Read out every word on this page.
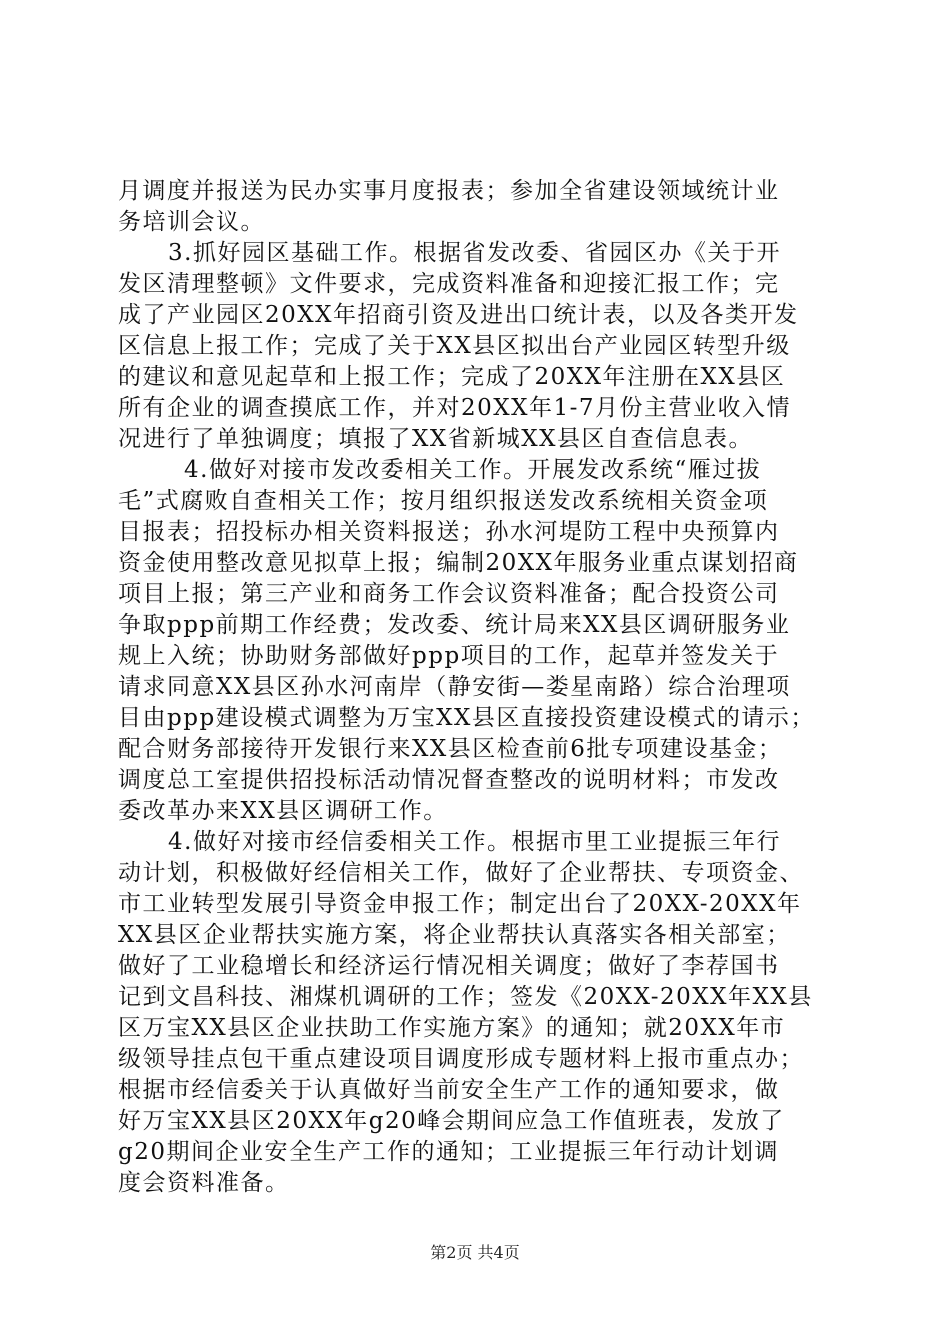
月调度并报送为民办实事月度报表；参加全省建设领域统计业
务培训会议。
3.抓好园区基础工作。根据省发改委、省园区办《关于开
发区清理整顿》文件要求，完成资料准备和迎接汇报工作；完
成了产业园区20XX年招商引资及进出口统计表，以及各类开发
区信息上报工作；完成了关于XX县区拟出台产业园区转型升级
的建议和意见起草和上报工作；完成了20XX年注册在XX县区
所有企业的调查摸底工作，并对20XX年1-7月份主营业收入情
况进行了单独调度；填报了XX省新城XX县区自查信息表。
4.做好对接市发改委相关工作。开展发改系统“雁过拔
毛”式腐败自查相关工作；按月组织报送发改系统相关资金项
目报表；招投标办相关资料报送；孙水河堤防工程中央预算内
资金使用整改意见拟草上报；编制20XX年服务业重点谋划招商
项目上报；第三产业和商务工作会议资料准备；配合投资公司
争取ppp前期工作经费；发改委、统计局来XX县区调研服务业
规上入统；协助财务部做好ppp项目的工作，起草并签发关于
请求同意XX县区孙水河南岸（静安街—娄星南路）综合治理项
目由ppp建设模式调整为万宝XX县区直接投资建设模式的请示；
配合财务部接待开发银行来XX县区检查前6批专项建设基金；
调度总工室提供招投标活动情况督查整改的说明材料；市发改
委改革办来XX县区调研工作。
4.做好对接市经信委相关工作。根据市里工业提振三年行
动计划，积极做好经信相关工作，做好了企业帮扶、专项资金、
市工业转型发展引导资金申报工作；制定出台了20XX-20XX年
XX县区企业帮扶实施方案，将企业帮扶认真落实各相关部室；
做好了工业稳增长和经济运行情况相关调度；做好了李荐国书
记到文昌科技、湘煤机调研的工作；签发《20XX-20XX年XX县
区万宝XX县区企业扶助工作实施方案》的通知；就20XX年市
级领导挂点包干重点建设项目调度形成专题材料上报市重点办；
根据市经信委关于认真做好当前安全生产工作的通知要求，做
好万宝XX县区20XX年g20峰会期间应急工作值班表，发放了
g20期间企业安全生产工作的通知；工业提振三年行动计划调
度会资料准备。
第2页 共4页
